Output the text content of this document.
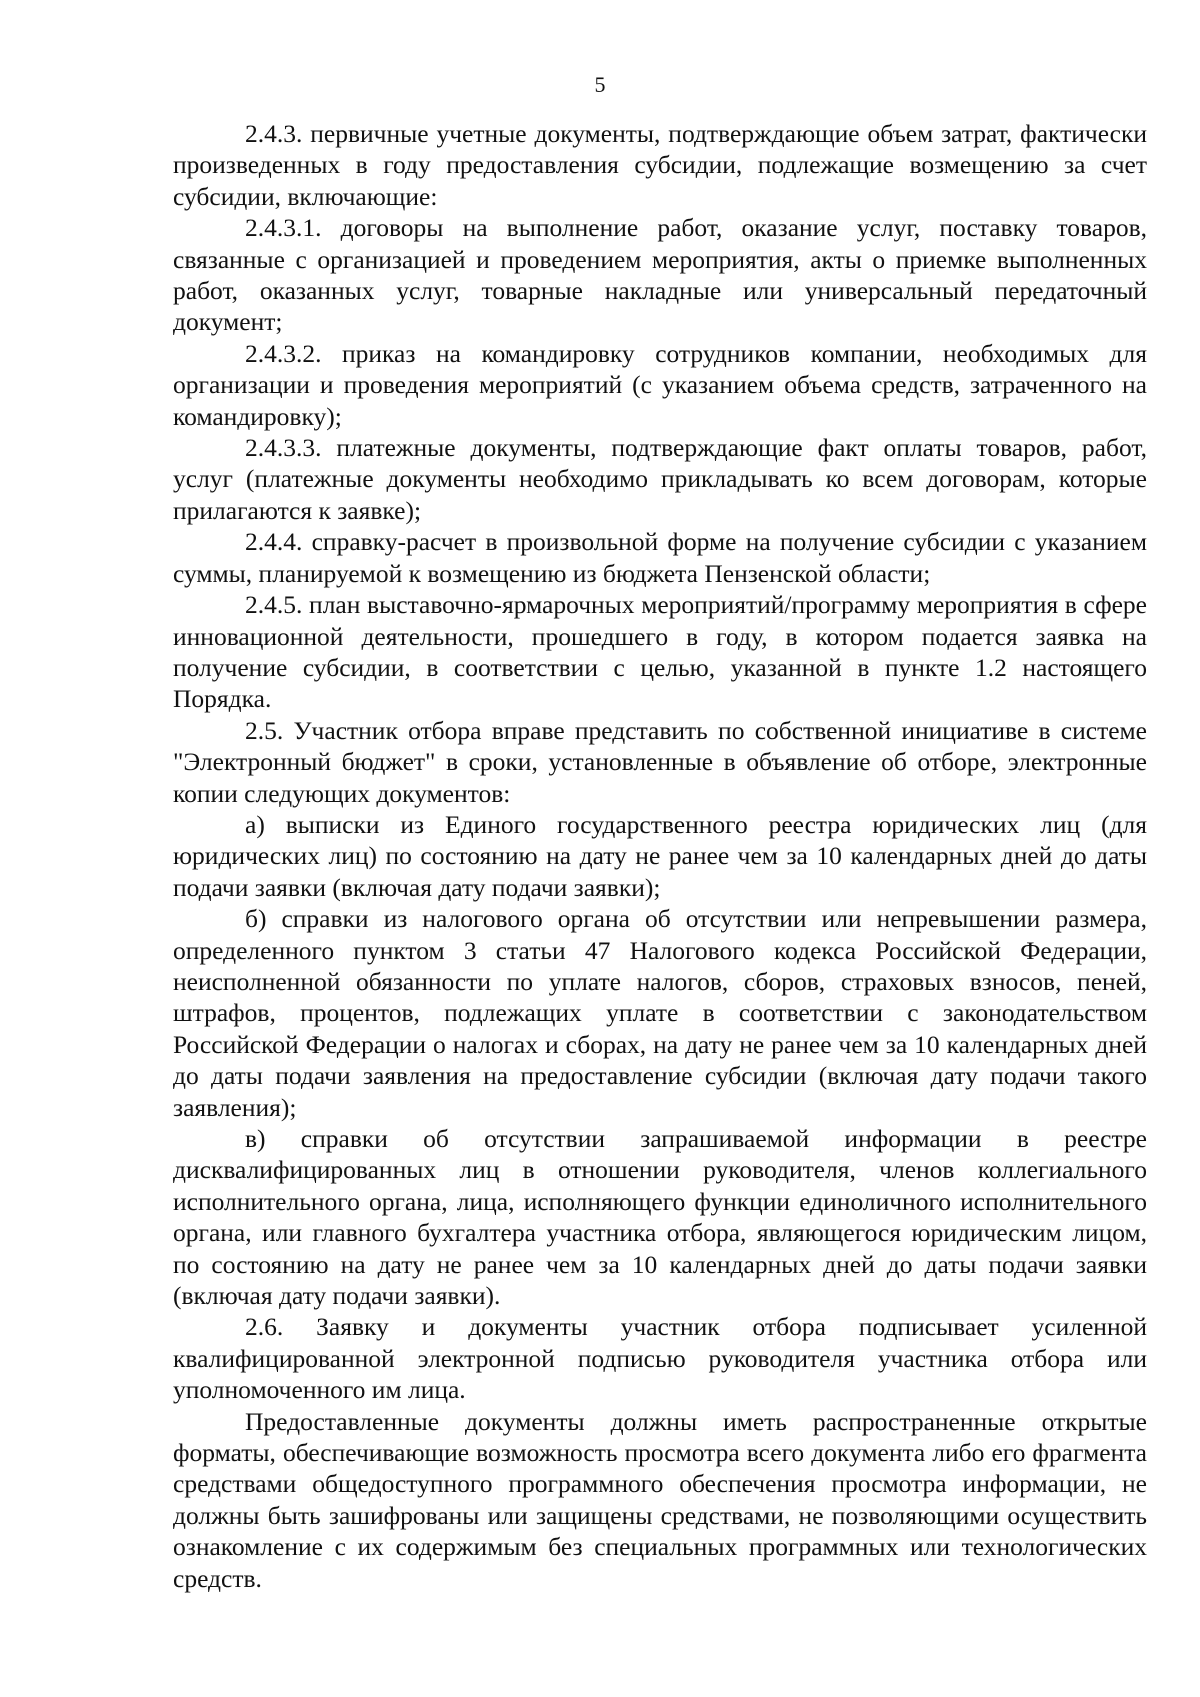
5

2.4.3. первичные учетные документы, подтверждающие объем затрат, фактически произведенных в году предоставления субсидии, подлежащие возмещению за счет субсидии, включающие:

2.4.3.1. договоры на выполнение работ, оказание услуг, поставку товаров, связанные с организацией и проведением мероприятия, акты о приемке выполненных работ, оказанных услуг, товарные накладные или универсальный передаточный документ;

2.4.3.2. приказ на командировку сотрудников компании, необходимых для организации и проведения мероприятий (с указанием объема средств, затраченного на командировку);

2.4.3.3. платежные документы, подтверждающие факт оплаты товаров, работ, услуг (платежные документы необходимо прикладывать ко всем договорам, которые прилагаются к заявке);

2.4.4. справку-расчет в произвольной форме на получение субсидии с указанием суммы, планируемой к возмещению из бюджета Пензенской области;

2.4.5. план выставочно-ярмарочных мероприятий/программу мероприятия в сфере инновационной деятельности, прошедшего в году, в котором подается заявка на получение субсидии, в соответствии с целью, указанной в пункте 1.2 настоящего Порядка.

2.5. Участник отбора вправе представить по собственной инициативе в системе "Электронный бюджет" в сроки, установленные в объявление об отборе, электронные копии следующих документов:

а) выписки из Единого государственного реестра юридических лиц (для юридических лиц) по состоянию на дату не ранее чем за 10 календарных дней до даты подачи заявки (включая дату подачи заявки);

б) справки из налогового органа об отсутствии или непревышении размера, определенного пунктом 3 статьи 47 Налогового кодекса Российской Федерации, неисполненной обязанности по уплате налогов, сборов, страховых взносов, пеней, штрафов, процентов, подлежащих уплате в соответствии с законодательством Российской Федерации о налогах и сборах, на дату не ранее чем за 10 календарных дней до даты подачи заявления на предоставление субсидии (включая дату подачи такого заявления);

в) справки об отсутствии запрашиваемой информации в реестре дисквалифицированных лиц в отношении руководителя, членов коллегиального исполнительного органа, лица, исполняющего функции единоличного исполнительного органа, или главного бухгалтера участника отбора, являющегося юридическим лицом, по состоянию на дату не ранее чем за 10 календарных дней до даты подачи заявки (включая дату подачи заявки).

2.6. Заявку и документы участник отбора подписывает усиленной квалифицированной электронной подписью руководителя участника отбора или уполномоченного им лица.

Предоставленные документы должны иметь распространенные открытые форматы, обеспечивающие возможность просмотра всего документа либо его фрагмента средствами общедоступного программного обеспечения просмотра информации, не должны быть зашифрованы или защищены средствами, не позволяющими осуществить ознакомление с их содержимым без специальных программных или технологических средств.
